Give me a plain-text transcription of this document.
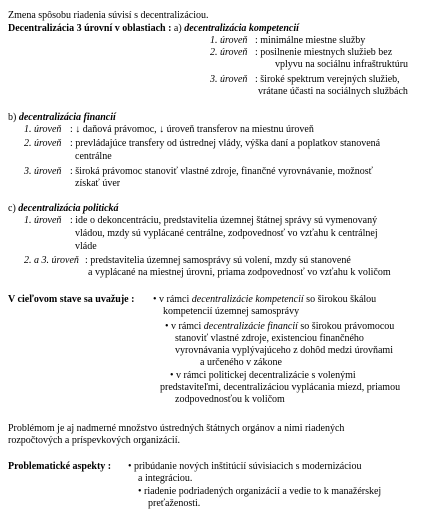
Zmena spôsobu riadenia súvisí s decentralizáciou.
Decentralizácia 3 úrovní v oblastiach : a) decentralizácia kompetencií
1. úroveň : minimálne miestne služby
2. úroveň : posilnenie miestnych služieb bez
vplyvu na sociálnu infraštruktúru
3. úroveň : široké spektrum verejných služieb,
vrátane účasti na sociálnych službách
b) decentralizácia financií
1. úroveň : ↓ daňová právomoc, ↓ úroveň transferov na miestnu úroveň
2. úroveň : prevládajúce transfery od ústrednej vlády, výška daní a poplatkov stanovená
centrálne
3. úroveň : široká právomoc stanoviť vlastné zdroje, finančné vyrovnávanie, možnosť
získať úver
c) decentralizácia politická
1. úroveň : ide o dekoncentráciu, predstavitelia územnej štátnej správy sú vymenovaný
vládou, mzdy sú vyplácané centrálne, zodpovednosť vo vzťahu k centrálnej
vláde
2. a 3. úroveň : predstavitelia územnej samosprávy sú volení, mzdy sú stanovené
a vyplácané na miestnej úrovni, priama zodpovednosť vo vzťahu k voličom
V cieľovom stave sa uvažuje : • v rámci decentralizácie kompetencií so širokou škálou
kompetencií územnej samosprávy
• v rámci decentralizácie financií so širokou právomocou
stanoviť vlastné zdroje, existenciou finančného
vyrovnávania vyplývajúceho z dohôd medzi úrovňami
a určeného v zákone
• v rámci politickej decentralizácie s volenými
predstaviteľmi, decentralizáciou vyplácania miezd, priamou
zodpovednosťou k voličom
Problémom je aj nadmerné množstvo ústredných štátnych orgánov a nimi riadených
rozpočtových a príspevkových organizácií.
Problematické aspekty : • pribúdanie nových inštitúcií súvisiacich s modernizáciou
a integráciou.
• riadenie podriadených organizácií a vedie to k manažérskej
preťaženosti.
